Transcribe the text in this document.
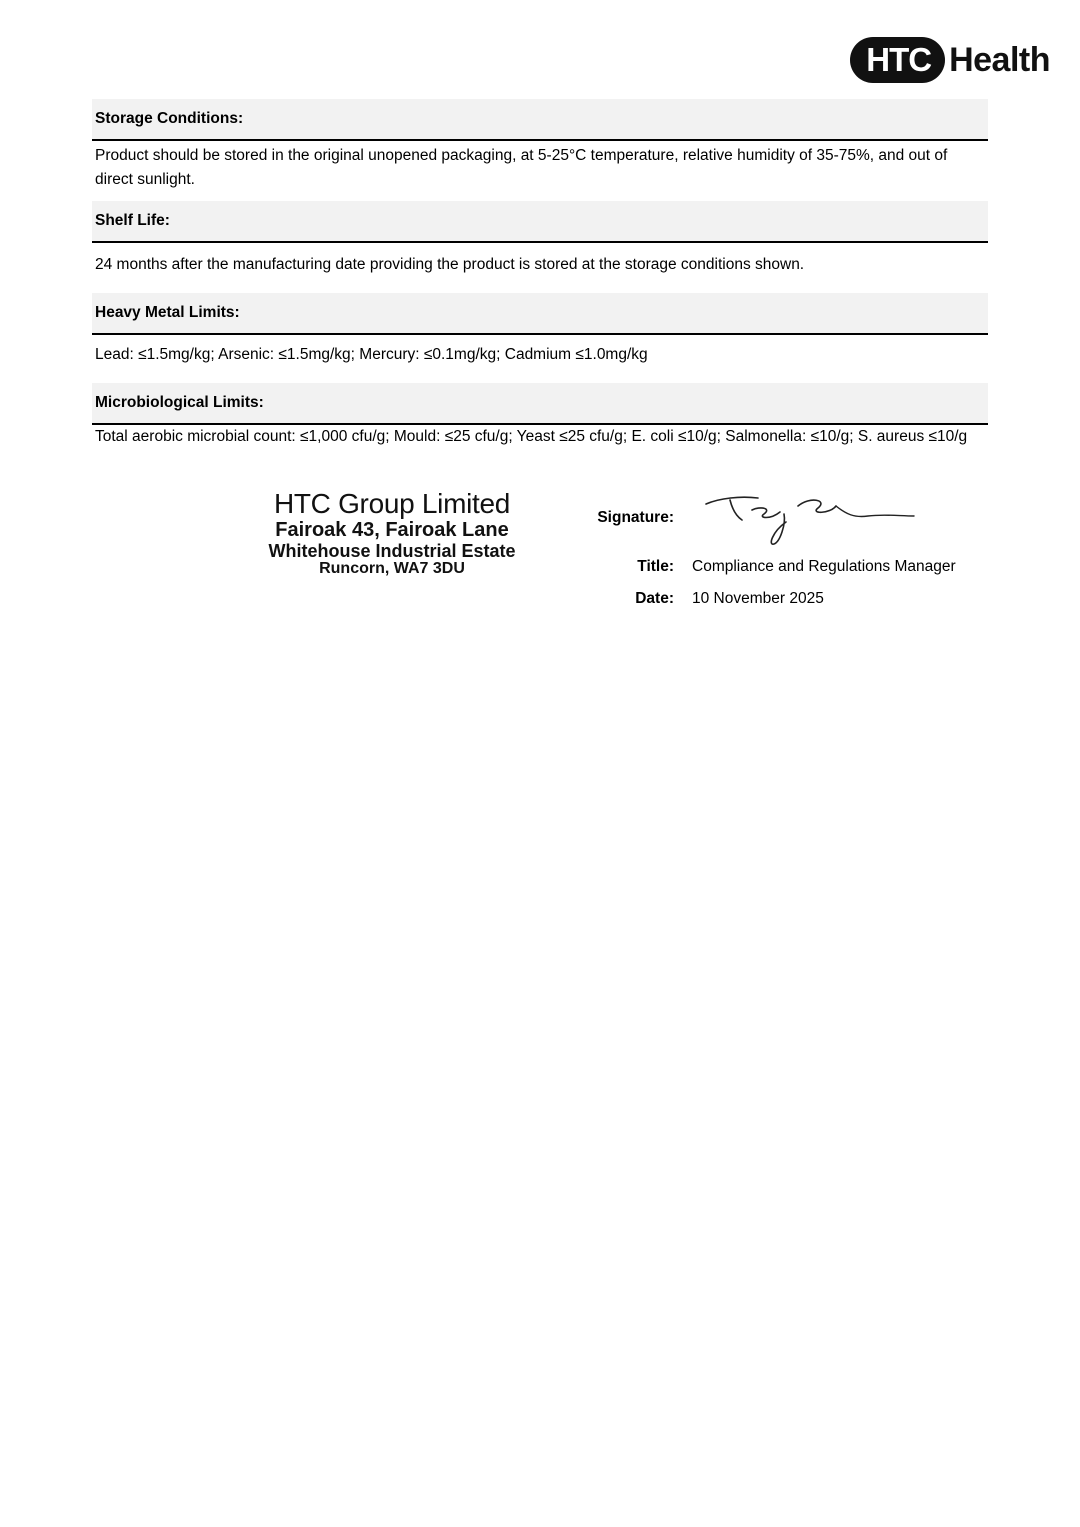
HTC Health
Storage Conditions:
Product should be stored in the original unopened packaging, at 5-25°C temperature, relative humidity of 35-75%, and out of direct sunlight.
Shelf Life:
24 months after the manufacturing date providing the product is stored at the storage conditions shown.
Heavy Metal Limits:
Lead: ≤1.5mg/kg; Arsenic: ≤1.5mg/kg; Mercury: ≤0.1mg/kg; Cadmium ≤1.0mg/kg
Microbiological Limits:
Total aerobic microbial count: ≤1,000 cfu/g; Mould: ≤25 cfu/g; Yeast ≤25 cfu/g; E. coli ≤10/g; Salmonella: ≤10/g; S. aureus ≤10/g
HTC Group Limited
Fairoak 43, Fairoak Lane
Whitehouse Industrial Estate
Runcorn, WA7 3DU
Signature:
Title: Compliance and Regulations Manager
Date: 10 November 2025
